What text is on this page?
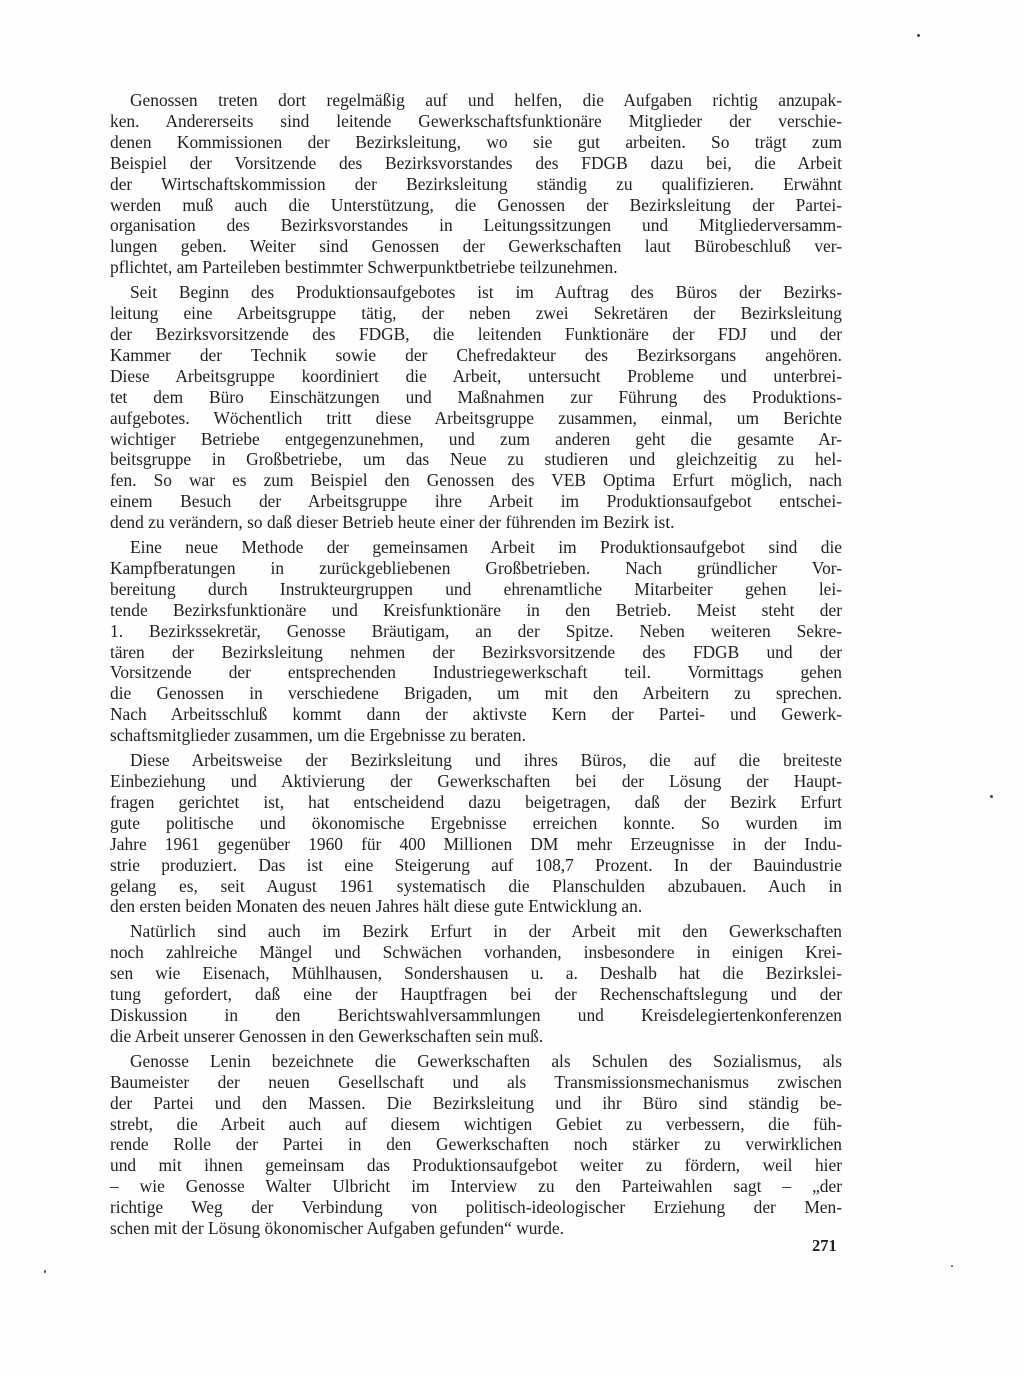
Genossen treten dort regelmäßig auf und helfen, die Aufgaben richtig anzupak-
ken. Andererseits sind leitende Gewerkschaftsfunktionäre Mitglieder der verschie-
denen Kommissionen der Bezirksleitung, wo sie gut arbeiten. So trägt zum
Beispiel der Vorsitzende des Bezirksvorstandes des FDGB dazu bei, die Arbeit
der Wirtschaftskommission der Bezirksleitung ständig zu qualifizieren. Erwähnt
werden muß auch die Unterstützung, die Genossen der Bezirksleitung der Partei-
organisation des Bezirksvorstandes in Leitungssitzungen und Mitgliederversamm-
lungen geben. Weiter sind Genossen der Gewerkschaften laut Bürobeschluß ver-
pflichtet, am Parteileben bestimmter Schwerpunktbetriebe teilzunehmen.

Seit Beginn des Produktionsaufgebotes ist im Auftrag des Büros der Bezirks-
leitung eine Arbeitsgruppe tätig, der neben zwei Sekretären der Bezirksleitung
der Bezirksvorsitzende des FDGB, die leitenden Funktionäre der FDJ und der
Kammer der Technik sowie der Chefredakteur des Bezirksorgans angehören.
Diese Arbeitsgruppe koordiniert die Arbeit, untersucht Probleme und unterbrei-
tet dem Büro Einschätzungen und Maßnahmen zur Führung des Produktions-
aufgebotes. Wöchentlich tritt diese Arbeitsgruppe zusammen, einmal, um Berichte
wichtiger Betriebe entgegenzunehmen, und zum anderen geht die gesamte Ar-
beitsgruppe in Großbetriebe, um das Neue zu studieren und gleichzeitig zu hel-
fen. So war es zum Beispiel den Genossen des VEB Optima Erfurt möglich, nach
einem Besuch der Arbeitsgruppe ihre Arbeit im Produktionsaufgebot entschei-
dend zu verändern, so daß dieser Betrieb heute einer der führenden im Bezirk ist.

Eine neue Methode der gemeinsamen Arbeit im Produktionsaufgebot sind die
Kampfberatungen in zurückgebliebenen Großbetrieben. Nach gründlicher Vor-
bereitung durch Instrukteurgruppen und ehrenamtliche Mitarbeiter gehen lei-
tende Bezirksfunktionäre und Kreisfunktionäre in den Betrieb. Meist steht der
1. Bezirkssekretär, Genosse Bräutigam, an der Spitze. Neben weiteren Sekre-
tären der Bezirksleitung nehmen der Bezirksvorsitzende des FDGB und der
Vorsitzende der entsprechenden Industriegewerkschaft teil. Vormittags gehen
die Genossen in verschiedene Brigaden, um mit den Arbeitern zu sprechen.
Nach Arbeitsschluß kommt dann der aktivste Kern der Partei- und Gewerk-
schaftsmitglieder zusammen, um die Ergebnisse zu beraten.

Diese Arbeitsweise der Bezirksleitung und ihres Büros, die auf die breiteste
Einbeziehung und Aktivierung der Gewerkschaften bei der Lösung der Haupt-
fragen gerichtet ist, hat entscheidend dazu beigetragen, daß der Bezirk Erfurt
gute politische und ökonomische Ergebnisse erreichen konnte. So wurden im
Jahre 1961 gegenüber 1960 für 400 Millionen DM mehr Erzeugnisse in der Indu-
strie produziert. Das ist eine Steigerung auf 108,7 Prozent. In der Bauindustrie
gelang es, seit August 1961 systematisch die Planschulden abzubauen. Auch in
den ersten beiden Monaten des neuen Jahres hält diese gute Entwicklung an.

Natürlich sind auch im Bezirk Erfurt in der Arbeit mit den Gewerkschaften
noch zahlreiche Mängel und Schwächen vorhanden, insbesondere in einigen Krei-
sen wie Eisenach, Mühlhausen, Sondershausen u. a. Deshalb hat die Bezirkslei-
tung gefordert, daß eine der Hauptfragen bei der Rechenschaftslegung und der
Diskussion in den Berichtswahlversammlungen und Kreisdelegiertenkonferenzen
die Arbeit unserer Genossen in den Gewerkschaften sein muß.

Genosse Lenin bezeichnete die Gewerkschaften als Schulen des Sozialismus, als
Baumeister der neuen Gesellschaft und als Transmissionsmechanismus zwischen
der Partei und den Massen. Die Bezirksleitung und ihr Büro sind ständig be-
strebt, die Arbeit auch auf diesem wichtigen Gebiet zu verbessern, die füh-
rende Rolle der Partei in den Gewerkschaften noch stärker zu verwirklichen
und mit ihnen gemeinsam das Produktionsaufgebot weiter zu fördern, weil hier
– wie Genosse Walter Ulbricht im Interview zu den Parteiwahlen sagt – „der
richtige Weg der Verbindung von politisch-ideologischer Erziehung der Men-
schen mit der Lösung ökonomischer Aufgaben gefunden“ wurde.

271
